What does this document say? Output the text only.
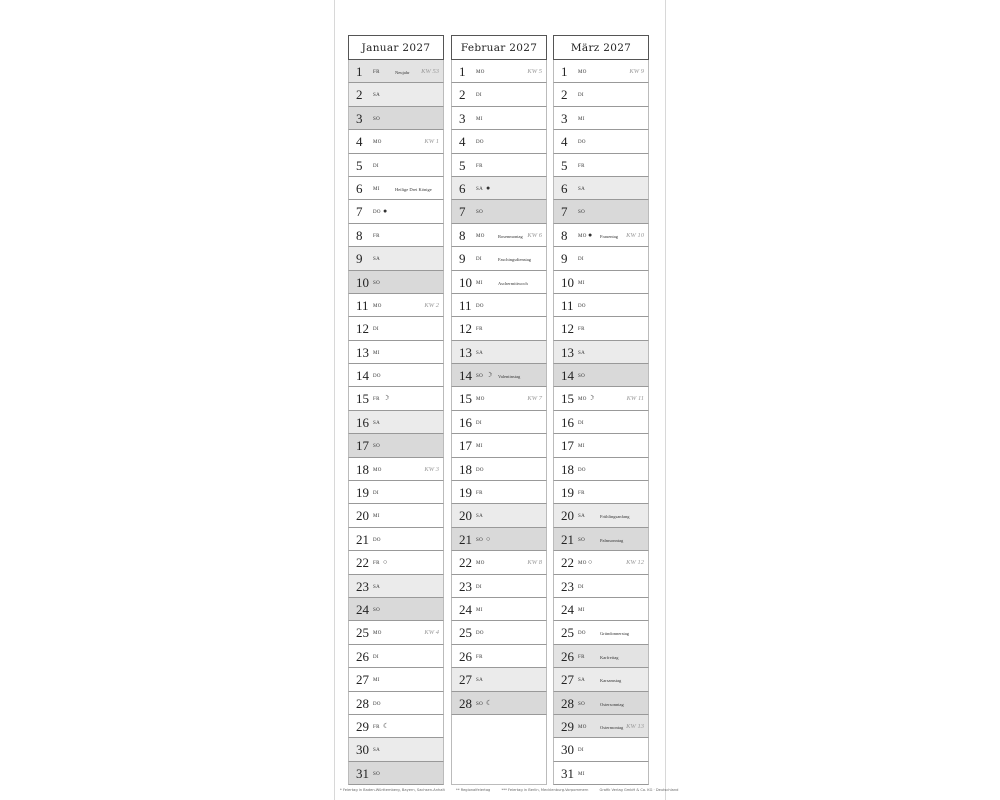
Januar 2027
1 FR	Neujahr KW 53
2 SA
3 SO
4 MO	KW 1
5 DI
6 MI	Heilige Drei Könige
7 DO ●
8 FR
9 SA
10 SO
11 MO	KW 2
12 DI
13 MI
14 DO
15 FR ☽
16 SA
17 SO
18 MO	KW 3
19 DI
20 MI
21 DO
22 FR ○
23 SA
24 SO
25 MO	KW 4
26 DI
27 MI
28 DO
29 FR ☾
30 SA
31 SO
Februar 2027
1 MO	KW 5
2 DI
3 MI
4 DO
5 FR
6 SA ●
7 SO
8 MO	Rosenmontag KW 6
9 DI	Faschingsdienstag
10 MI	Aschermittwoch
11 DO
12 FR
13 SA
14 SO ☽ Valentinstag
15 MO	KW 7
16 DI
17 MI
18 DO
19 FR
20 SA
21 SO ○
22 MO	KW 8
23 DI
24 MI
25 DO
26 FR
27 SA
28 SO ☾
März 2027
1 MO	KW 9
2 DI
3 MI
4 DO
5 FR
6 SA
7 SO
8 MO ● Frauentag KW 10
9 DI
10 MI
11 DO
12 FR
13 SA
14 SO
15 MO ☽	KW 11
16 DI
17 MI
18 DO
19 FR
20 SA	Frühlingsanfang
21 SO	Palmsonntag
22 MO ○	KW 12
23 DI
24 MI
25 DO	Gründonnerstag
26 FR	Karfreitag
27 SA	Karsamstag
28 SO	Ostersonntag
29 MO	Ostermontag KW 13
30 DI
31 MI
* Feiertag in Baden-Württemberg, Bayern, Sachsen-Anhalt	** Regionalfeiertag	*** Feiertag in Berlin, Mecklenburg-Vorpommern	Grafik Verlag GmbH & Co. KG · Deutschland
